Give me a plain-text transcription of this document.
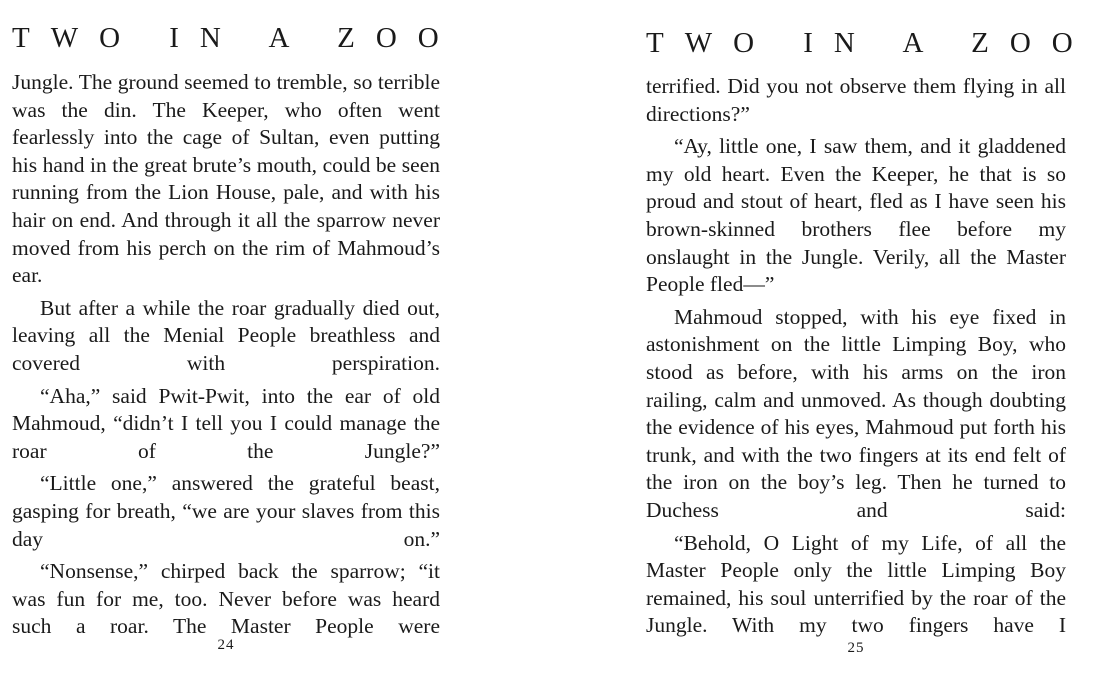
TWO IN A ZOO

Jungle. The ground seemed to tremble, so terrible was the din. The Keeper, who often went fearlessly into the cage of Sultan, even putting his hand in the great brute’s mouth, could be seen running from the Lion House, pale, and with his hair on end. And through it all the sparrow never moved from his perch on the rim of Mahmoud’s ear.

But after a while the roar gradually died out, leaving all the Menial People breathless and covered with perspiration.

“Aha,” said Pwit-Pwit, into the ear of old Mahmoud, “didn’t I tell you I could manage the roar of the Jungle?”

“Little one,” answered the grateful beast, gasping for breath, “we are your slaves from this day on.”

“Nonsense,” chirped back the sparrow; “it was fun for me, too. Never before was heard such a roar. The Master People were

24
TWO IN A ZOO

terrified. Did you not observe them flying in all directions?”

“Ay, little one, I saw them, and it gladdened my old heart. Even the Keeper, he that is so proud and stout of heart, fled as I have seen his brown-skinned brothers flee before my onslaught in the Jungle. Verily, all the Master People fled—”

Mahmoud stopped, with his eye fixed in astonishment on the little Limping Boy, who stood as before, with his arms on the iron railing, calm and unmoved. As though doubting the evidence of his eyes, Mahmoud put forth his trunk, and with the two fingers at its end felt of the iron on the boy’s leg. Then he turned to Duchess and said:

“Behold, O Light of my Life, of all the Master People only the little Limping Boy remained, his soul unterrified by the roar of the Jungle. With my two fingers have I

25
